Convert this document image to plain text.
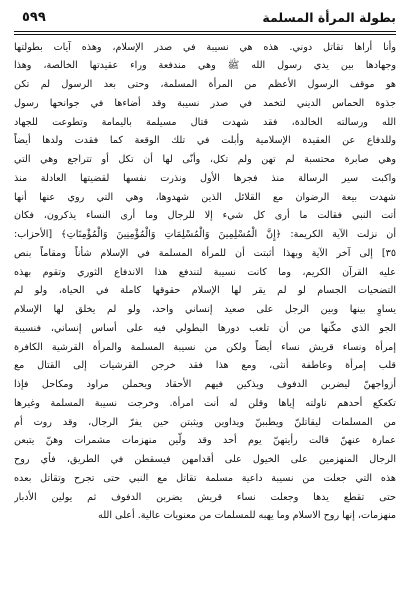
بطولة المرأة المسلمة
٥٩٩
وأنا أراها تقاتل دوني. هذه هي نسيبة في صدر الإسلام، وهذه آيات بطولتها
وجهادها بين يدي رسول الله ﷺ وهي مندفعة وراء عقيدتها الخالصة، وهذا
هو موقف الرسول الأعظم من المرأة المسلمة، وحتى بعد الرسول لم تكن
جذوة الحماس الديني لتخمد في صدر نسيبة وقد أضاءها في جوانحها رسول
الله ورسالته الخالدة، فقد شهدت قتال مسيلمة باليمامة وتطوعت للجهاد
وللدفاع عن العقيدة الإسلامية وأبلت في تلك الوقعة كما فقدت ولدها أيضاً
وهي صابرة محتسبة لم تهن ولم تكل، وأنّى لها أن تكل أو تتراجع وهي التي
واكبت سير الرسالة منذ فجرها الأول ونذرت نفسها لقضيتها العادلة منذ
شهدت بيعة الرضوان مع القلائل الذين شهدوها، وهي التي روي عنها أنها
أتت النبي فقالت ما أرى كل شيء إلا للرجال وما أرى النساء يذكرون، فكان
أن نزلت الآية الكريمة: ﴿إِنَّ الْمُسْلِمِينَ وَالْمُسْلِمَاتِ وَالْمُؤْمِنِينَ وَالْمُؤْمِنَاتِ﴾ [الأحزاب:
٣٥] إلى آخر الآية وبهذا أثبتت أن للمرأة المسلمة في الإسلام شأناً ومقاماً بنص
عليه القرآن الكريم، وما كانت نسيبة لتندفع هذا الاندفاع الثوري وتقوم بهذه
التضحيات الجسام لو لم يقر لها الإسلام حقوقها كاملة في الحياة، ولو لم
يساوِ بينها وبين الرجل على صعيد إنساني واحد، ولو لم يخلق لها الإسلام
الجو الذي مكّنها من أن تلعب دورها البطولي فيه على أساس إنساني، فنسيبة
إمرأة ونساء قريش نساء أيضاً ولكن من نسيبة المسلمة والمرأة القرشية الكافرة
قلب إمرأة وعاطفة أنثى، ومع هذا فقد خرجن القرشيات إلى القتال مع
أزواجهنّ ليضربن الدفوف ويذكين فيهم الأحقاد ويحملن مراود ومكاحل فإذا
تكعكع أحدهم ناولته إياها وقلن له أنت امرأة. وخرجت نسيبة المسلمة وغيرها
من المسلمات ليقاتلنّ ويطببنّ ويداوين ويثبتن حين يفرّ الرجال، وقد روت أم
عمارة عنهنّ قالت رأيتهنّ يوم أحد وقد ولّين منهزمات مشمرات وهنّ يتبعن
الرجال المنهزمين على الخيول على أقدامهن فيسقطن في الطريق، فأي روح
هذه التي جعلت من نسيبة داعية مسلمة تقاتل مع النبي حتى تجرح وتقاتل بعده
حتى تقطع يدها وجعلت نساء قريش يضربن الدفوف ثم يولين الأدبار
منهزمات، إنها روح الاسلام وما يهبه للمسلمات من معنويات عالية. أعلى الله
